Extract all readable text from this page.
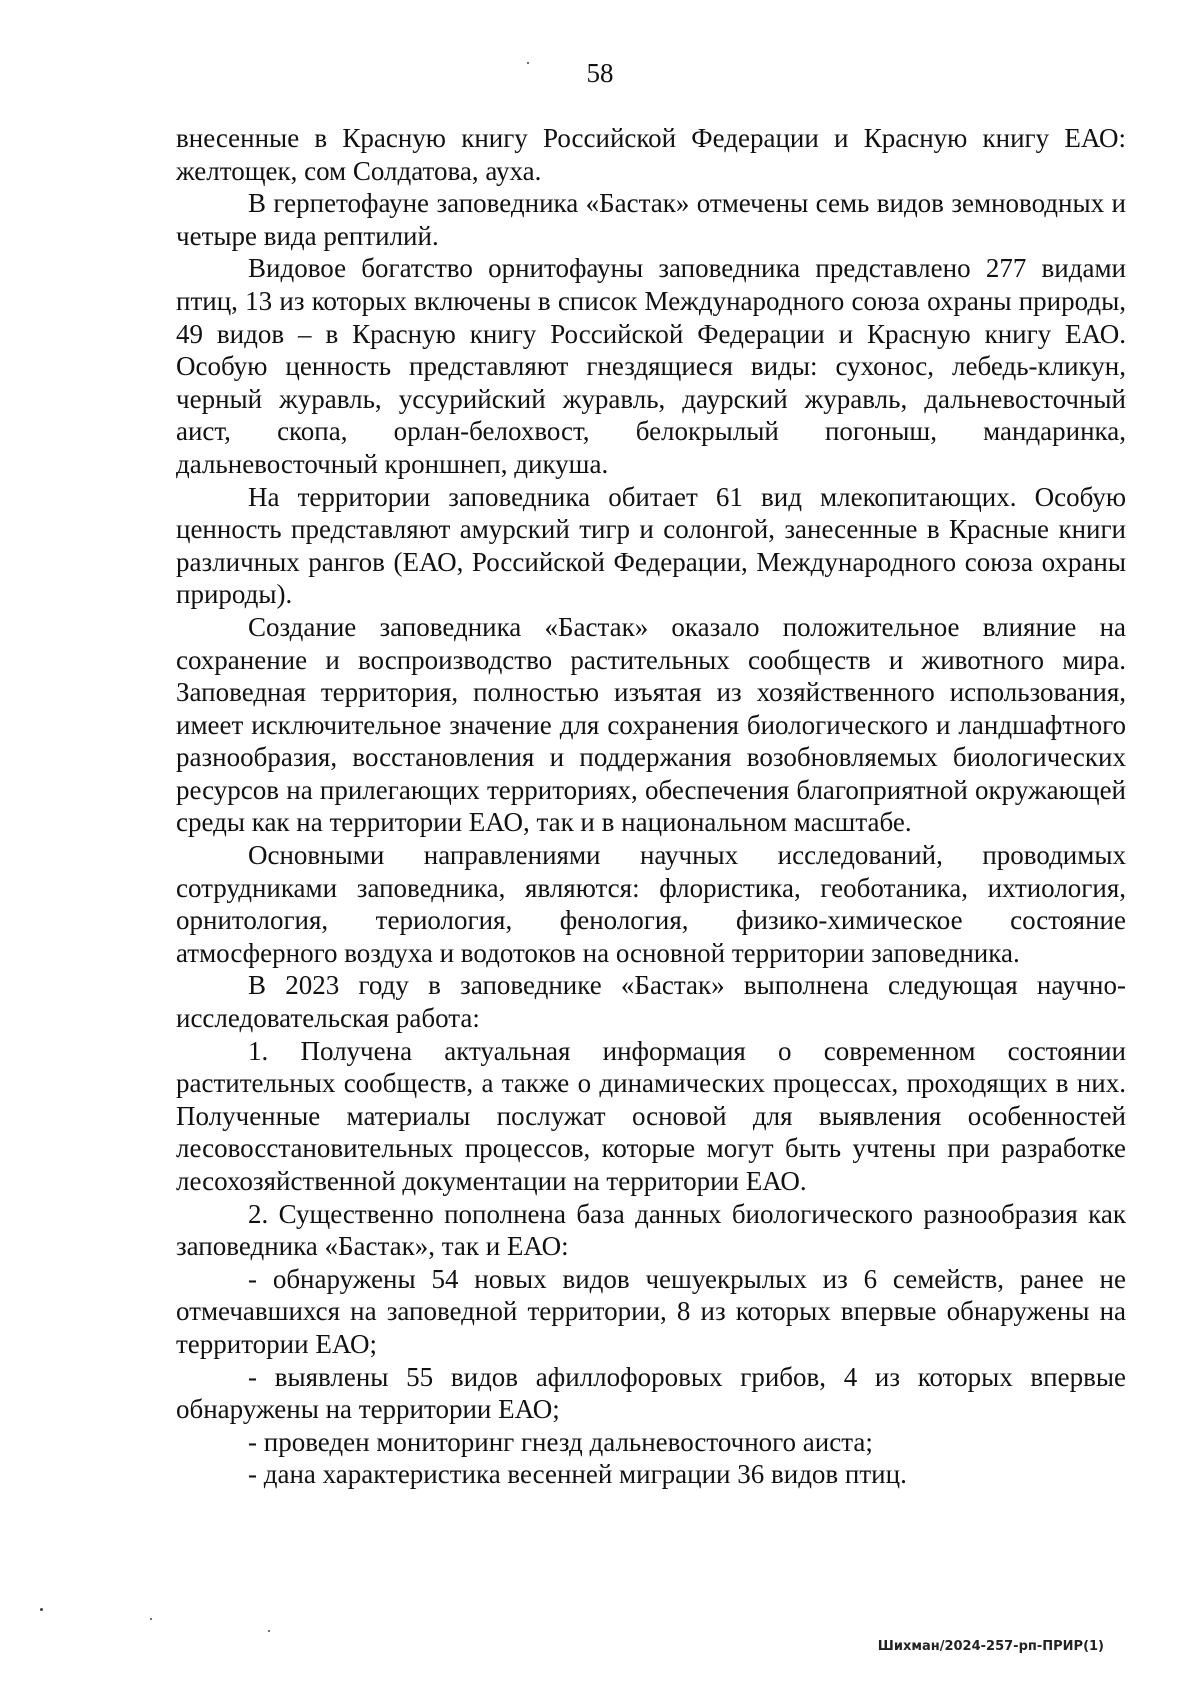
58

внесенные в Красную книгу Российской Федерации и Красную книгу ЕАО: желтощек, сом Солдатова, ауха.

В герпетофауне заповедника «Бастак» отмечены семь видов земноводных и четыре вида рептилий.

Видовое богатство орнитофауны заповедника представлено 277 видами птиц, 13 из которых включены в список Международного союза охраны природы, 49 видов – в Красную книгу Российской Федерации и Красную книгу ЕАО. Особую ценность представляют гнездящиеся виды: сухонос, лебедь-кликун, черный журавль, уссурийский журавль, даурский журавль, дальневосточный аист, скопа, орлан-белохвост, белокрылый погоныш, мандаринка, дальневосточный кроншнеп, дикуша.

На территории заповедника обитает 61 вид млекопитающих. Особую ценность представляют амурский тигр и солонгой, занесенные в Красные книги различных рангов (ЕАО, Российской Федерации, Международного союза охраны природы).

Создание заповедника «Бастак» оказало положительное влияние на сохранение и воспроизводство растительных сообществ и животного мира. Заповедная территория, полностью изъятая из хозяйственного использования, имеет исключительное значение для сохранения биологического и ландшафтного разнообразия, восстановления и поддержания возобновляемых биологических ресурсов на прилегающих территориях, обеспечения благоприятной окружающей среды как на территории ЕАО, так и в национальном масштабе.

Основными направлениями научных исследований, проводимых сотрудниками заповедника, являются: флористика, геоботаника, ихтиология, орнитология, териология, фенология, физико-химическое состояние атмосферного воздуха и водотоков на основной территории заповедника.

В 2023 году в заповеднике «Бастак» выполнена следующая научно-исследовательская работа:

1. Получена актуальная информация о современном состоянии растительных сообществ, а также о динамических процессах, проходящих в них. Полученные материалы послужат основой для выявления особенностей лесовосстановительных процессов, которые могут быть учтены при разработке лесохозяйственной документации на территории ЕАО.

2. Существенно пополнена база данных биологического разнообразия как заповедника «Бастак», так и ЕАО:

- обнаружены 54 новых видов чешуекрылых из 6 семейств, ранее не отмечавшихся на заповедной территории, 8 из которых впервые обнаружены на территории ЕАО;

- выявлены 55 видов афиллофоровых грибов, 4 из которых впервые обнаружены на территории ЕАО;

- проведен мониторинг гнезд дальневосточного аиста;

- дана характеристика весенней миграции 36 видов птиц.

Шихман/2024-257-рп-ПРИР(1)
